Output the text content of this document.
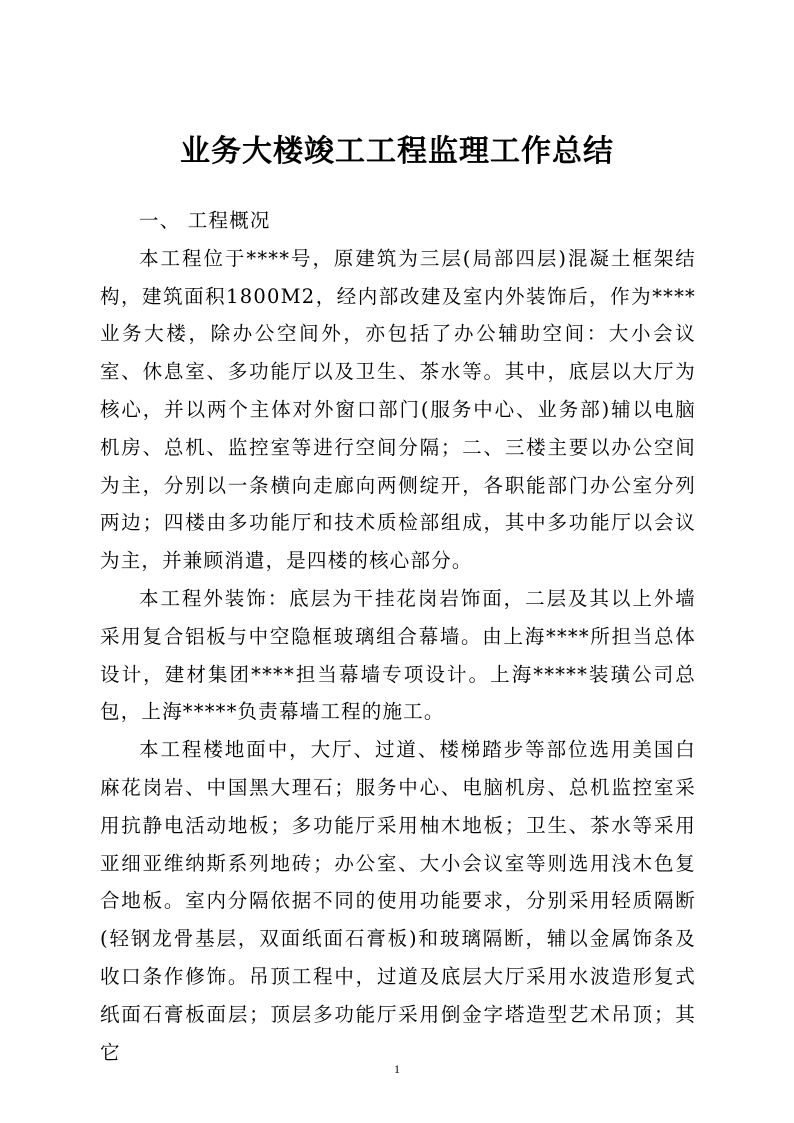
业务大楼竣工工程监理工作总结

一、 工程概况

本工程位于****号，原建筑为三层(局部四层)混凝土框架结构，建筑面积1800M2，经内部改建及室内外装饰后，作为****业务大楼，除办公空间外，亦包括了办公辅助空间：大小会议室、休息室、多功能厅以及卫生、茶水等。其中，底层以大厅为核心，并以两个主体对外窗口部门(服务中心、业务部)辅以电脑机房、总机、监控室等进行空间分隔；二、三楼主要以办公空间为主，分别以一条横向走廊向两侧绽开，各职能部门办公室分列两边；四楼由多功能厅和技术质检部组成，其中多功能厅以会议为主，并兼顾消遣，是四楼的核心部分。

本工程外装饰：底层为干挂花岗岩饰面，二层及其以上外墙采用复合铝板与中空隐框玻璃组合幕墙。由上海****所担当总体设计，建材集团****担当幕墙专项设计。上海*****装璜公司总包，上海*****负责幕墙工程的施工。

本工程楼地面中，大厅、过道、楼梯踏步等部位选用美国白麻花岗岩、中国黑大理石；服务中心、电脑机房、总机监控室采用抗静电活动地板；多功能厅采用柚木地板；卫生、茶水等采用亚细亚维纳斯系列地砖；办公室、大小会议室等则选用浅木色复合地板。室内分隔依据不同的使用功能要求，分别采用轻质隔断(轻钢龙骨基层，双面纸面石膏板)和玻璃隔断，辅以金属饰条及收口条作修饰。吊顶工程中，过道及底层大厅采用水波造形复式纸面石膏板面层；顶层多功能厅采用倒金字塔造型艺术吊顶；其它

1
